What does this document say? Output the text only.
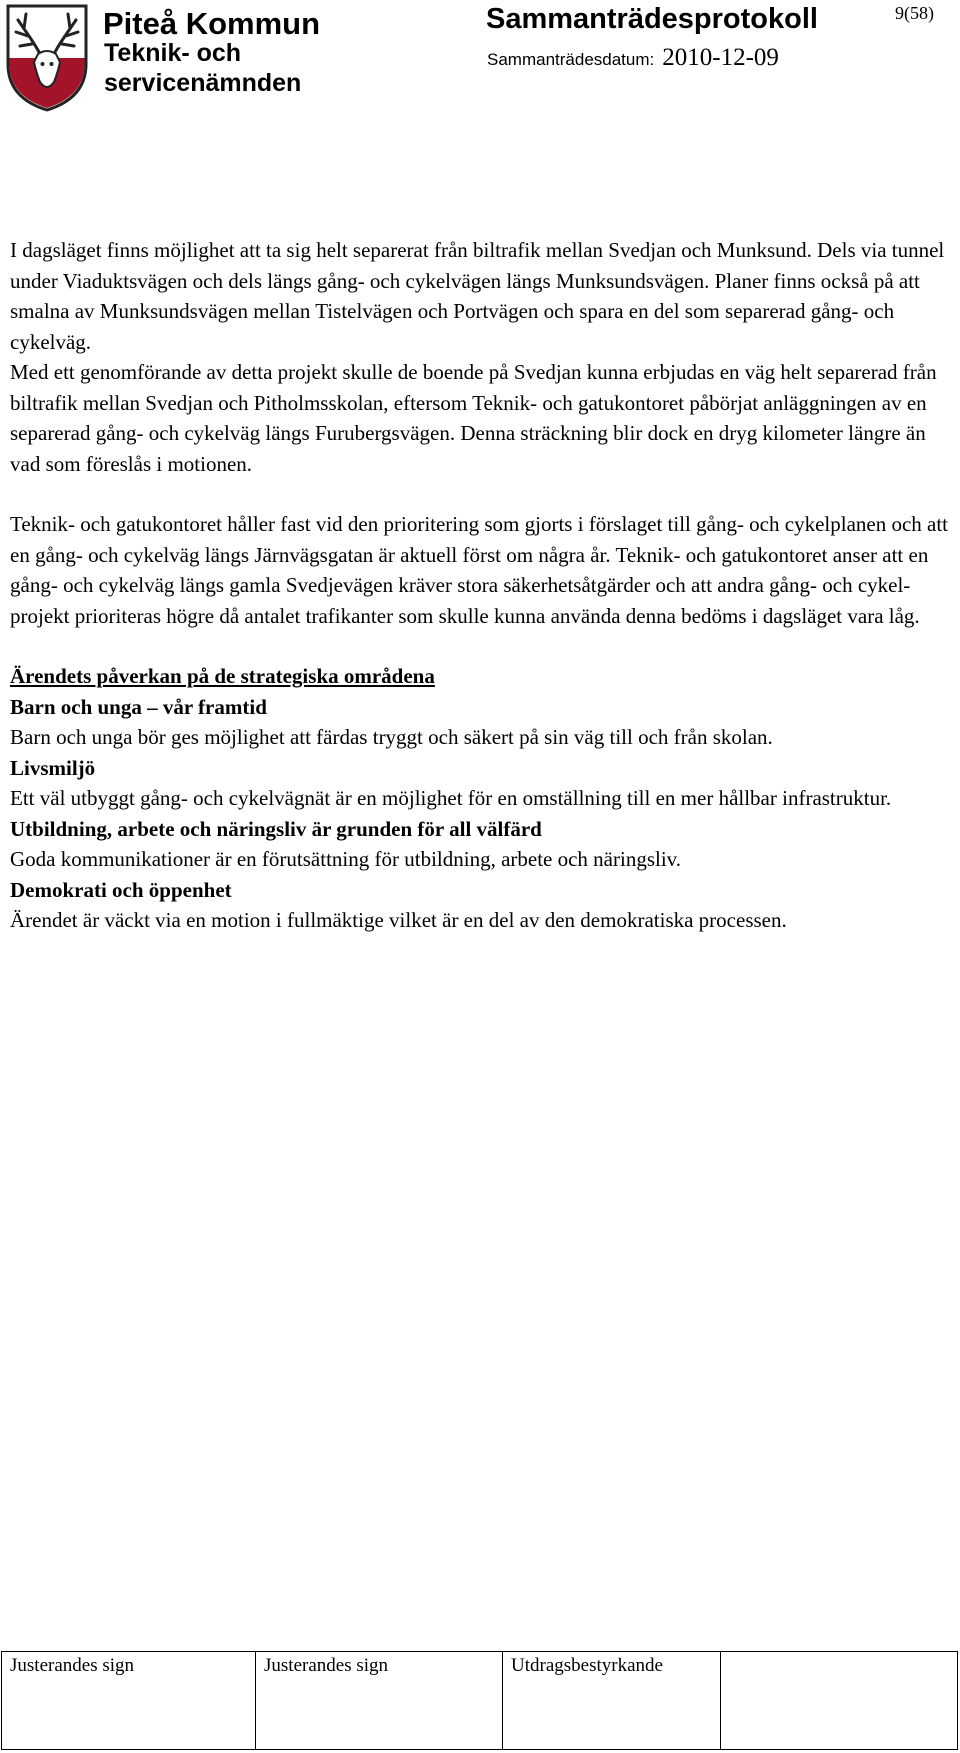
Piteå Kommun
Teknik- och
servicenämnden
Sammanträdesprotokoll	9(58)
Sammanträdesdatum: 2010-12-09

I dagsläget finns möjlighet att ta sig helt separerat från biltrafik mellan Svedjan och Munksund. Dels via tunnel under Viaduktsvägen och dels längs gång- och cykelvägen längs Munksundsvägen. Planer finns också på att smalna av Munksundsvägen mellan Tistelvägen och Portvägen och spara en del som separerad gång- och cykelväg.

Med ett genomförande av detta projekt skulle de boende på Svedjan kunna erbjudas en väg helt separerad från biltrafik mellan Svedjan och Pitholmsskolan, eftersom Teknik- och gatukontoret påbörjat anläggningen av en separerad gång- och cykelväg längs Furubergsvägen. Denna sträckning blir dock en dryg kilometer längre än vad som föreslås i motionen.

Teknik- och gatukontoret håller fast vid den prioritering som gjorts i förslaget till gång- och cykelplanen och att en gång- och cykelväg längs Järnvägsgatan är aktuell först om några år. Teknik- och gatukontoret anser att en gång- och cykelväg längs gamla Svedjevägen kräver stora säkerhetsåtgärder och att andra gång- och cykel-projekt prioriteras högre då antalet trafikanter som skulle kunna använda denna bedöms i dagsläget vara låg.

Ärendets påverkan på de strategiska områdena

Barn och unga – vår framtid

Barn och unga bör ges möjlighet att färdas tryggt och säkert på sin väg till och från skolan.

Livsmiljö

Ett väl utbyggt gång- och cykelvägnät är en möjlighet för en omställning till en mer hållbar infrastruktur.

Utbildning, arbete och näringsliv är grunden för all välfärd

Goda kommunikationer är en förutsättning för utbildning, arbete och näringsliv.

Demokrati och öppenhet

Ärendet är väckt via en motion i fullmäktige vilket är en del av den demokratiska processen.

Justerandes sign	Justerandes sign	Utdragsbestyrkande	
